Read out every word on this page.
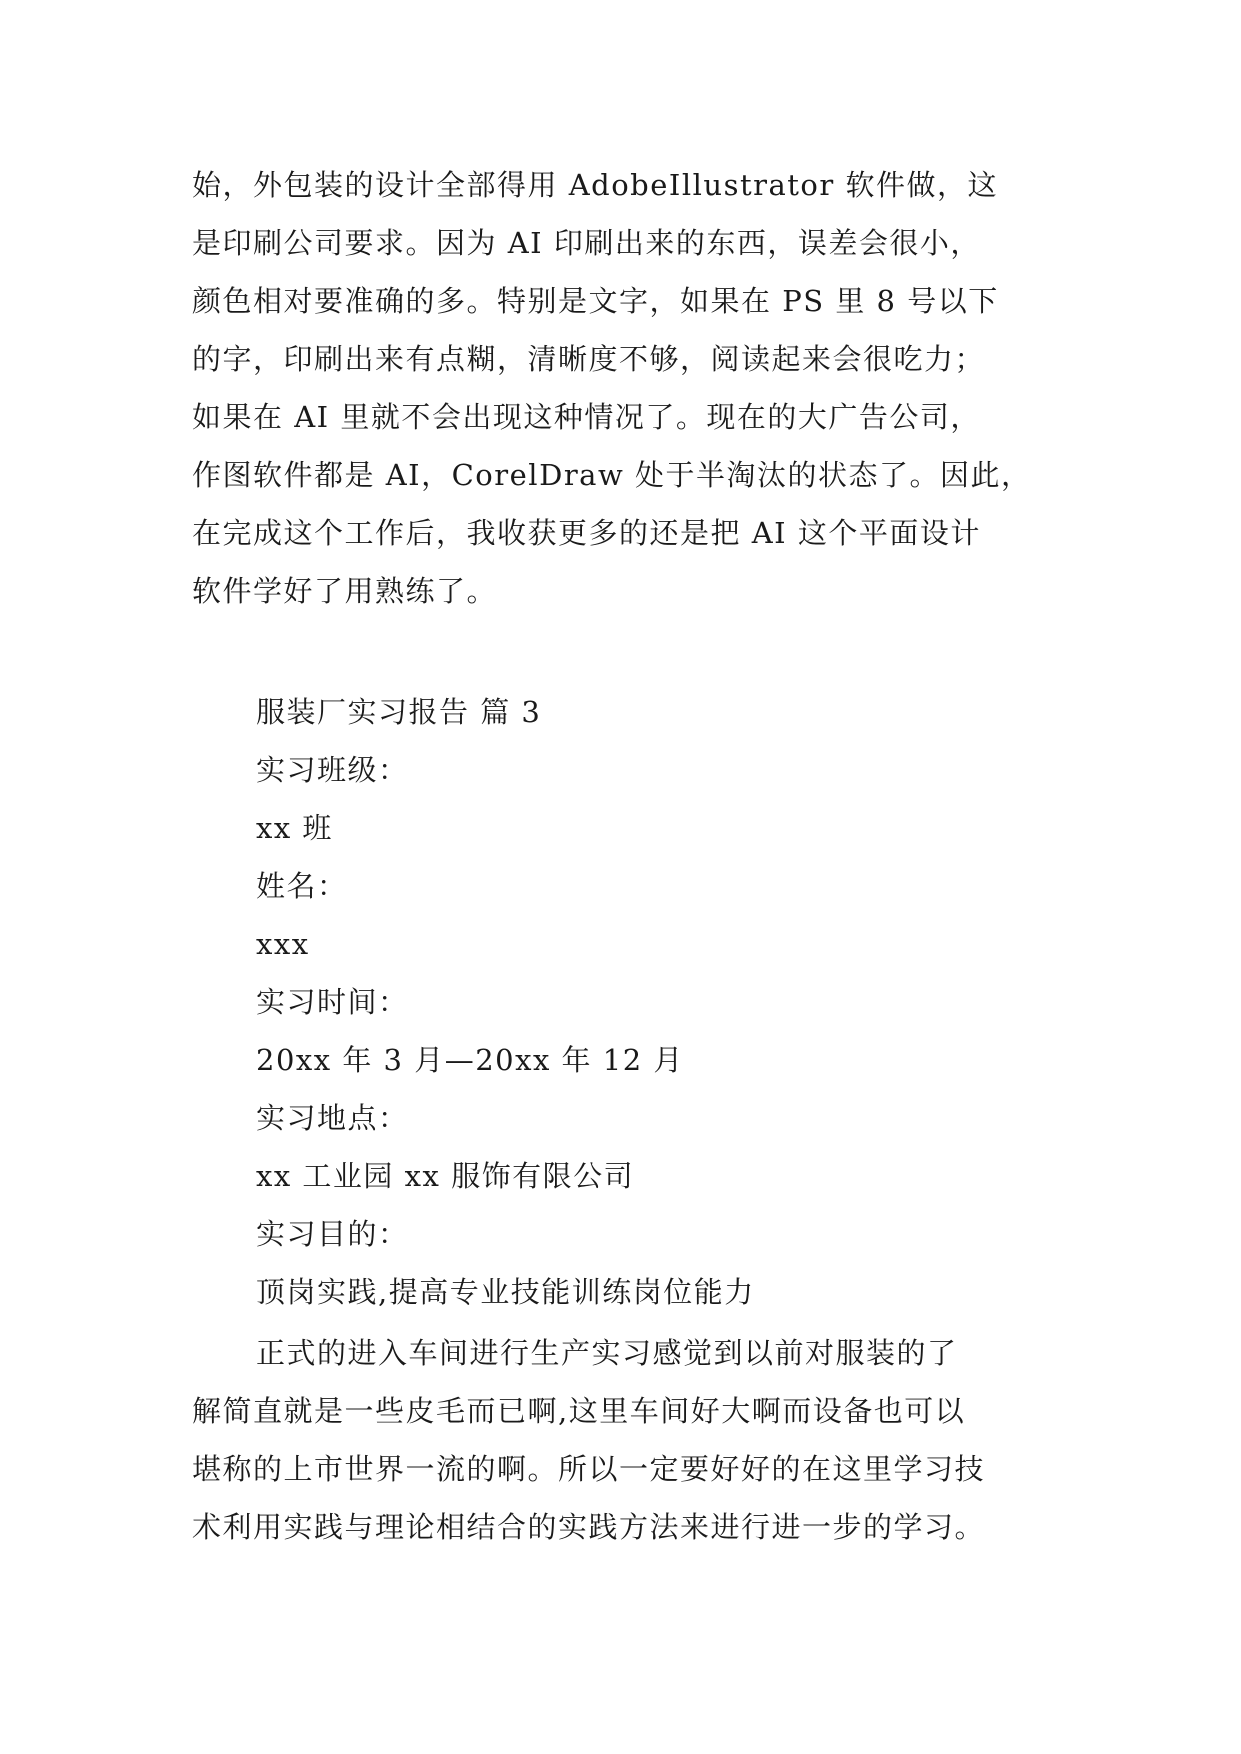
始，外包装的设计全部得用 AdobeIllustrator 软件做，这
是印刷公司要求。因为 AI 印刷出来的东西，误差会很小，
颜色相对要准确的多。特别是文字，如果在 PS 里 8 号以下
的字，印刷出来有点糊，清晰度不够，阅读起来会很吃力；
如果在 AI 里就不会出现这种情况了。现在的大广告公司，
作图软件都是 AI，CorelDraw 处于半淘汰的状态了。因此，
在完成这个工作后，我收获更多的还是把 AI 这个平面设计
软件学好了用熟练了。
服装厂实习报告 篇 3
实习班级：
xx 班
姓名：
xxx
实习时间：
20xx 年 3 月—20xx 年 12 月
实习地点：
xx 工业园 xx 服饰有限公司
实习目的：
顶岗实践,提高专业技能训练岗位能力
正式的进入车间进行生产实习感觉到以前对服装的了
解简直就是一些皮毛而已啊,这里车间好大啊而设备也可以
堪称的上市世界一流的啊。所以一定要好好的在这里学习技
术利用实践与理论相结合的实践方法来进行进一步的学习。
